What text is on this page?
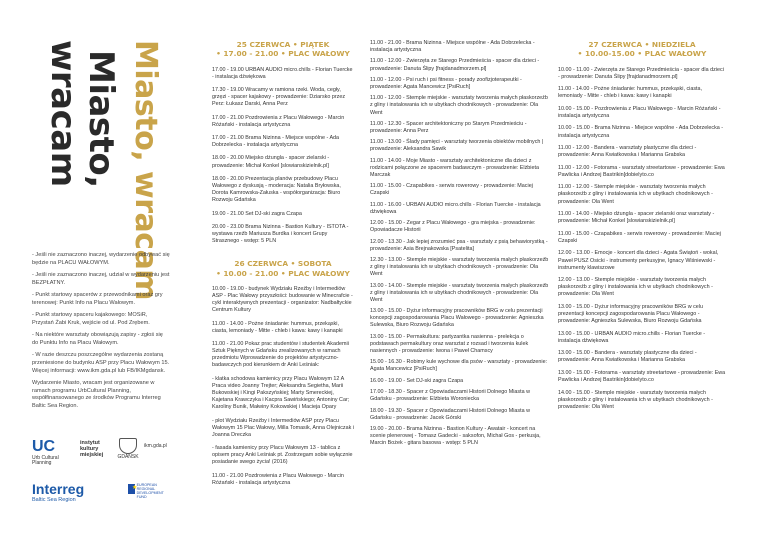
Miasto, wracam
Miasto,
wracam

- Jeśli nie zaznaczono inaczej, wydarzenie odbywać się będzie na PLACU WAŁOWYM.

- Jeśli nie zaznaczono inaczej, udział w wydarzeniu jest BEZPŁATNY.

- Punkt startowy spacerów z przewodnikami oraz gry terenowej: Punkt Info na Placu Wałowym.

- Punkt startowy spaceru kajakowego: MOSiR, Przystań Żabi Kruk, wejście od ul. Pod Zrębem.

- Na niektóre warsztaty obowiązują zapisy - zgłoś się do Punktu Info na Placu Wałowym.

- W razie deszczu poszczególne wydarzenia zostaną przeniesione do budynku ASP przy Placu Wałowym 15. Więcej informacji: www.ikm.gda.pl lub FB/IKMgdansk.

Wydarzenie Miasto, wracam jest organizowane w ramach programu UrbCultural Planning, współfinansowanego ze środków Programu Interreg Baltic Sea Region.

UC
Urb Cultural Planning
instytut kultury miejskiej	GDAŃSK
ikm.gda.pl
Interreg
Baltic Sea Region
★
EUROPEAN REGIONAL DEVELOPMENT FUND
25 CZERWCA • PIĄTEK
• 17.00 - 21.00 • PLAC WAŁOWY
17.00 - 19.00 URBAN AUDIO micro.chills - Florian Tuercke - instalacja dźwiękowa
17.30 - 19.00 Wracamy w ramiona rzeki. Woda, cegły, grzęzi - spacer kajakowy - prowadzenie: Dziarsko przez Perz: Łukasz Darski, Anna Perz
17.00 - 21.00 Pozdrowienia z Placu Wałowego - Marcin Różański - instalacja artystyczna
17.00 - 21.00 Brama Nizinna - Miejsce wspólne - Ada Dobrzelecka - instalacja artystyczna
18.00 - 20.00 Miejsko dżungla - spacer zielarski - prowadzenie: Michał Konkel [slowianskizielnik.pl]
18.00 - 20.00 Prezentacja planów przebudowy Placu Wałowego z dyskusją - moderacja: Natalia Bryłowska, Dorota Kamrowska-Załuska - współorganizacja: Biuro Rozwoju Gdańska
19.00 - 21.00 Set DJ-ski zagra Czapa
20.00 - 23.00 Brama Nizinna - Bastion Kultury - ISTOTA - wystawa rzeźb Mariusza Burdka i koncert Grupy Strasznego - wstęp: 5 PLN
26 CZERWCA • SOBOTA
• 10.00 - 21.00 • PLAC WAŁOWY
10.00 - 19.00 - budynek Wydziału Rzeźby i Intermediów ASP - Plac Wałowy przyszłości: budowanie w Minecrafcie - cykl interaktywnych prezentacji - organizator: Nadbałtyckie Centrum Kultury
11.00 - 14.00 - Pożne śniadanie: hummus, przekąski, ciasta, lemoniady - Mitte - chleb i kawa: kawy i kanapki
11.00 - 21.00 Pokaz prac studentów i studentek Akademii Sztuk Pięknych w Gdańsku zrealizowanych w ramach przedmiotu Wprowadzenie do projektów artystyczno-badawczych pod kierunkiem dr Anki Leśniak:
- klatka schodowa kamienicy przy Placu Wałowym 12 A Praca video Joanny Trejter; Aleksandra Segietha, Marii Bukowskiej i Kingi Pakszyńskiej; Marty Smereckiej, Kajetana Krawczyka i Kacpra Sawińskiego; Antoniny Car; Karoliny Bunik, Małwiny Kokowskiej i Macieja Opary
- płot Wydziału Rzeźby i Intermediów ASP przy Placu Wałowym 15 Plac Wałowy, Milla Tomasik, Anna Olejniczak i Joanna Dreczka
- fasada kamienicy przy Placu Wałowym 13 - tablica z opisem pracy Anki Leśniak pt. Zostrzegam sobie wyłącznie posiadanie swego życia! (2016)
11.00 - 21.00 Pozdrowienia z Placu Wałowego - Marcin Różański - instalacja artystyczna
11.00 - 21.00 - Brama Nizinna - Miejsce wspólne - Ada Dobrzelecka - instalacja artystyczna
11.00 - 12.00 - Zwierzęta ze Starego Przedmieścia - spacer dla dzieci - prowadzenie: Danuta Ślipy [frajdanadmorzem.pl]
11.00 - 12.00 - Psi ruch i psi fitness - porady zoofizjoterapeutki - prowadzenie: Agata Mancewicz [PsiRuch]
11.00 - 12.00 - Stemple miejskie - warsztaty tworzenia małych płaskorzeźb z gliny i instalowania ich w ubytkach chodnikowych - prowadzenie: Ola Went
11.00 - 12.30 - Spacer architektoniczny po Starym Przedmieściu - prowadzenie: Anna Perz
11.00 - 13.00 - Ślady pamięci - warsztaty tworzenia obiektów mobilnych | prowadzenie: Aleksandra Sawik
11.00 - 14.00 - Moje Miasto - warsztaty architektoniczne dla dzieci z rodzicami połączone ze spacerem badawczym - prowadzenie: Elżbieta Marczak
11.00 - 15.00 - Czapabikes - serwis rowerowy - prowadzenie: Maciej Czapski
11.00 - 16.00 - URBAN AUDIO micro.chills - Florian Tuercke - instalacja dźwiękowa
12.00 - 15.00 - Zegar z Placu Wałowego - gra miejska - prowadzenie: Opowiadacze Historii
12.00 - 13.30 - Jak lepiej zrozumieć psa - warsztaty z psią behawiorystką - prowadzenie: Asia Brejnakowska [Psatelita]
12.30 - 13.00 - Stemple miejskie - warsztaty tworzenia małych płaskorzeźb z gliny i instalowania ich w ubytkach chodnikowych - prowadzenie: Ola Went
13.00 - 14.00 - Stemple miejskie - warsztaty tworzenia małych płaskorzeźb z gliny i instalowania ich w ubytkach chodnikowych - prowadzenie: Ola Went
13.00 - 15.00 - Dyżur informacyjny pracowników BRG w celu prezentacji koncepcji zagospodarowania Placu Wałowego - prowadzenie: Agnieszka Sulewska, Biuro Rozwoju Gdańska
13.00 - 15.00 - Permakultura: partyzantka nasienna - prelekcja o podstawach permakultury oraz warsztat z rozsad i tworzenia kulek nasiennych - prowadzenie: Iwona i Paweł Chamscy
15.00 - 16.30 - Robimy kule wychowe dla psów - warsztaty - prowadzenie: Agata Mancewicz [PsiRuch]
16.00 - 19.00 - Set DJ-ski zagra Czapa
17.00 - 18.30 - Spacer z Opowiadaczami Historii Dolnego Miasta w Gdańsku - prowadzenie: Elżbieta Woroniecka
18.00 - 19.30 - Spacer z Opowiadaczami Historii Dolnego Miasta w Gdańsku - prowadzenie: Jacek Górski
19.00 - 20.00 - Brama Nizinna - Bastion Kultury - Awatair - koncert na scenie plenerowej - Tomasz Gadecki - saksofon, Michał Gos - perkusja, Marcin Bożek - gitara basowa - wstęp: 5 PLN
27 CZERWCA • NIEDZIELA
• 10.00-15.00 • PLAC WAŁOWY
10.00 - 11.00 - Zwierzęta ze Starego Przedmieścia - spacer dla dzieci - prowadzenie: Danuta Ślipy [frajdanadmorzem.pl]
11.00 - 14.00 - Pożne śniadanie: hummus, przekąski, ciasta, lemoniady - Mitte - chleb i kawa: kawy i kanapki
10.00 - 15.00 - Pozdrowienia z Placu Wałowego - Marcin Różański - instalacja artystyczna
10.00 - 15.00 - Brama Nizinna - Miejsce wspólne - Ada Dobrzelecka - instalacja artystyczna
11.00 - 12.00 - Bandera - warsztaty plastyczne dla dzieci - prowadzenie: Anna Kwiatkowska i Marianna Grabska
11.00 - 12.00 - Fotorama - warsztaty streetartowe - prowadzenie: Ewa Pawlicka i Andrzej Bastrikin[dobielyto.co
11.00 - 12.00 - Stemple miejskie - warsztaty tworzenia małych płaskorzeźb z gliny i instalowania ich w ubytkach chodnikowych - prowadzenie: Ola Went
11.00 - 14.00 - Miejsko dżungla - spacer zielarski oraz warsztaty - prowadzenie: Michał Konkel [slowianskizielnik.pl]
11.00 - 15.00 - Czapabikes - serwis rowerowy - prowadzenie: Maciej Czapski
12.00 - 13.00 - Emocje - koncert dla dzieci - Agata Świątoń - wokal, Paweł PUSZ Osicki - instrumenty perkusyjne, Ignacy Wiśniewski - instrumenty klawiszowe
12.00 - 13.00 - Stemple miejskie - warsztaty tworzenia małych płaskorzeźb z gliny i instalowania ich w ubytkach chodnikowych - prowadzenie: Ola Went
13.00 - 15.00 - Dyżur informacyjny pracowników BRG w celu prezentacji koncepcji zagospodarowania Placu Wałowego - prowadzenie: Agnieszka Sulewska, Biuro Rozwoju Gdańska
13.00 - 15.00 - URBAN AUDIO micro.chills - Florian Tuercke - instalacja dźwiękowa
13.00 - 15.00 - Bandera - warsztaty plastyczne dla dzieci - prowadzenie: Anna Kwiatkowska i Marianna Grabska
13.00 - 15.00 - Fotorama - warsztaty streetartowe - prowadzenie: Ewa Pawlicka i Andrzej Bastrikin[dobielyto.co
14.00 - 15.00 - Stemple miejskie - warsztaty tworzenia małych płaskorzeźb z gliny i instalowania ich w ubytkach chodnikowych - prowadzenie: Ola Went
